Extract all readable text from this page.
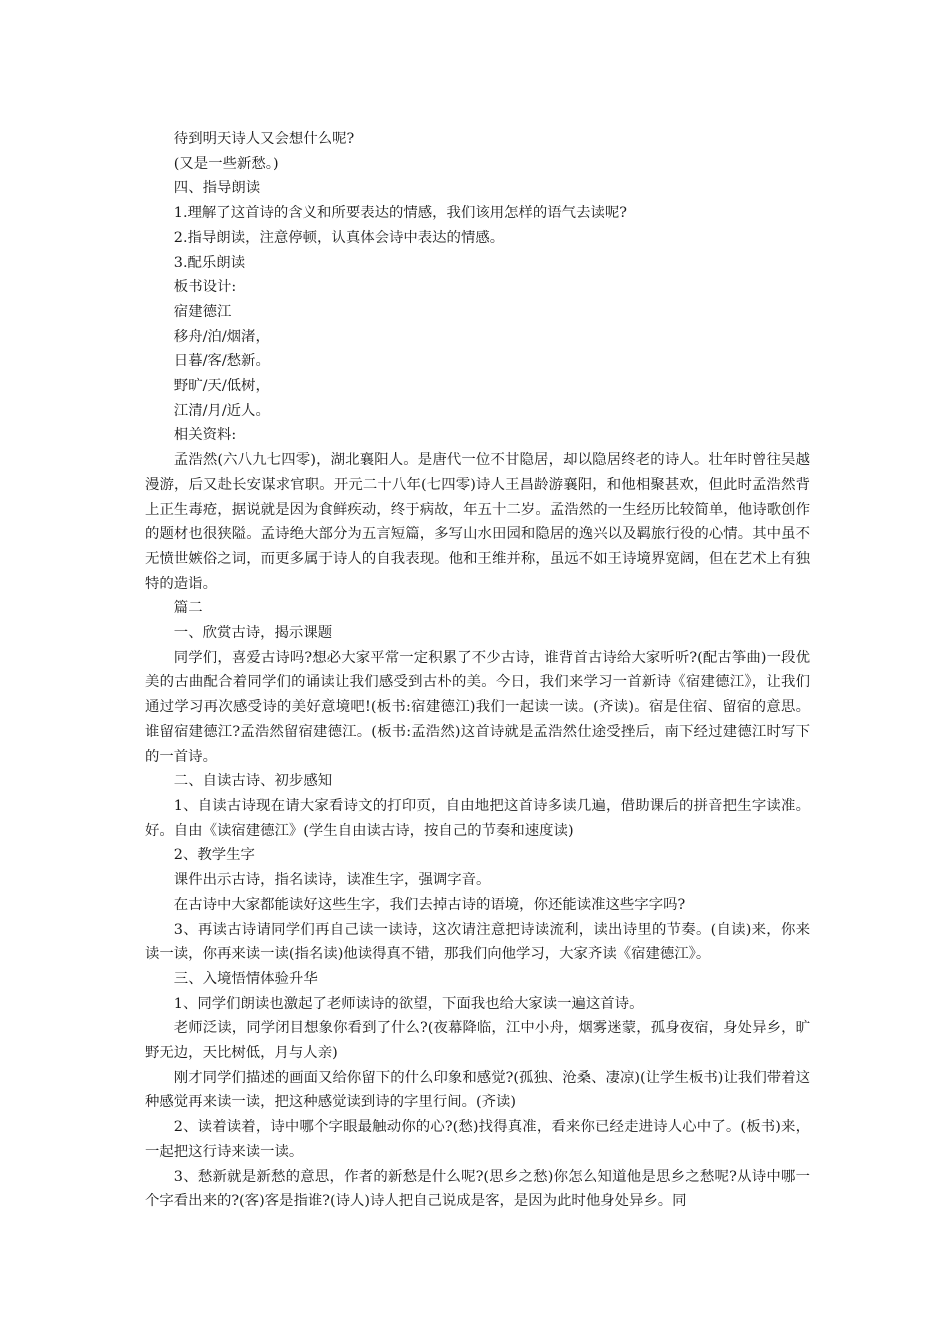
待到明天诗人又会想什么呢?

(又是一些新愁。)

四、指导朗读

1.理解了这首诗的含义和所要表达的情感，我们该用怎样的语气去读呢?

2.指导朗读，注意停顿，认真体会诗中表达的情感。

3.配乐朗读

板书设计:

宿建德江

移舟/泊/烟渚，

日暮/客/愁新。

野旷/天/低树，

江清/月/近人。

相关资料:

孟浩然(六八九七四零)，湖北襄阳人。是唐代一位不甘隐居，却以隐居终老的诗人。壮年时曾往吴越漫游，后又赴长安谋求官职。开元二十八年(七四零)诗人王昌龄游襄阳，和他相聚甚欢，但此时孟浩然背上正生毒疮，据说就是因为食鲜疾动，终于病故，年五十二岁。孟浩然的一生经历比较简单，他诗歌创作的题材也很狭隘。孟诗绝大部分为五言短篇，多写山水田园和隐居的逸兴以及羁旅行役的心情。其中虽不无愤世嫉俗之词，而更多属于诗人的自我表现。他和王维并称，虽远不如王诗境界宽阔，但在艺术上有独特的造诣。

篇二

一、欣赏古诗，揭示课题

同学们，喜爱古诗吗?想必大家平常一定积累了不少古诗，谁背首古诗给大家听听?(配古筝曲)一段优美的古曲配合着同学们的诵读让我们感受到古朴的美。今日，我们来学习一首新诗《宿建德江》，让我们通过学习再次感受诗的美好意境吧!(板书:宿建德江)我们一起读一读。(齐读)。宿是住宿、留宿的意思。谁留宿建德江?孟浩然留宿建德江。(板书:孟浩然)这首诗就是孟浩然仕途受挫后，南下经过建德江时写下的一首诗。

二、自读古诗、初步感知

1、自读古诗现在请大家看诗文的打印页，自由地把这首诗多读几遍，借助课后的拼音把生字读准。好。自由《读宿建德江》(学生自由读古诗，按自己的节奏和速度读)

2、教学生字

课件出示古诗，指名读诗，读准生字，强调字音。

在古诗中大家都能读好这些生字，我们去掉古诗的语境，你还能读准这些字字吗?

3、再读古诗请同学们再自己读一读诗，这次请注意把诗读流利，读出诗里的节奏。(自读)来，你来读一读，你再来读一读(指名读)他读得真不错，那我们向他学习，大家齐读《宿建德江》。

三、入境悟情体验升华

1、同学们朗读也激起了老师读诗的欲望，下面我也给大家读一遍这首诗。

老师泛读，同学闭目想象你看到了什么?(夜幕降临，江中小舟，烟雾迷蒙，孤身夜宿，身处异乡，旷野无边，天比树低，月与人亲)

刚才同学们描述的画面又给你留下的什么印象和感觉?(孤独、沧桑、凄凉)(让学生板书)让我们带着这种感觉再来读一读，把这种感觉读到诗的字里行间。(齐读)

2、读着读着，诗中哪个字眼最触动你的心?(愁)找得真准，看来你已经走进诗人心中了。(板书)来，一起把这行诗来读一读。

3、愁新就是新愁的意思，作者的新愁是什么呢?(思乡之愁)你怎么知道他是思乡之愁呢?从诗中哪一个字看出来的?(客)客是指谁?(诗人)诗人把自己说成是客，是因为此时他身处异乡。同
